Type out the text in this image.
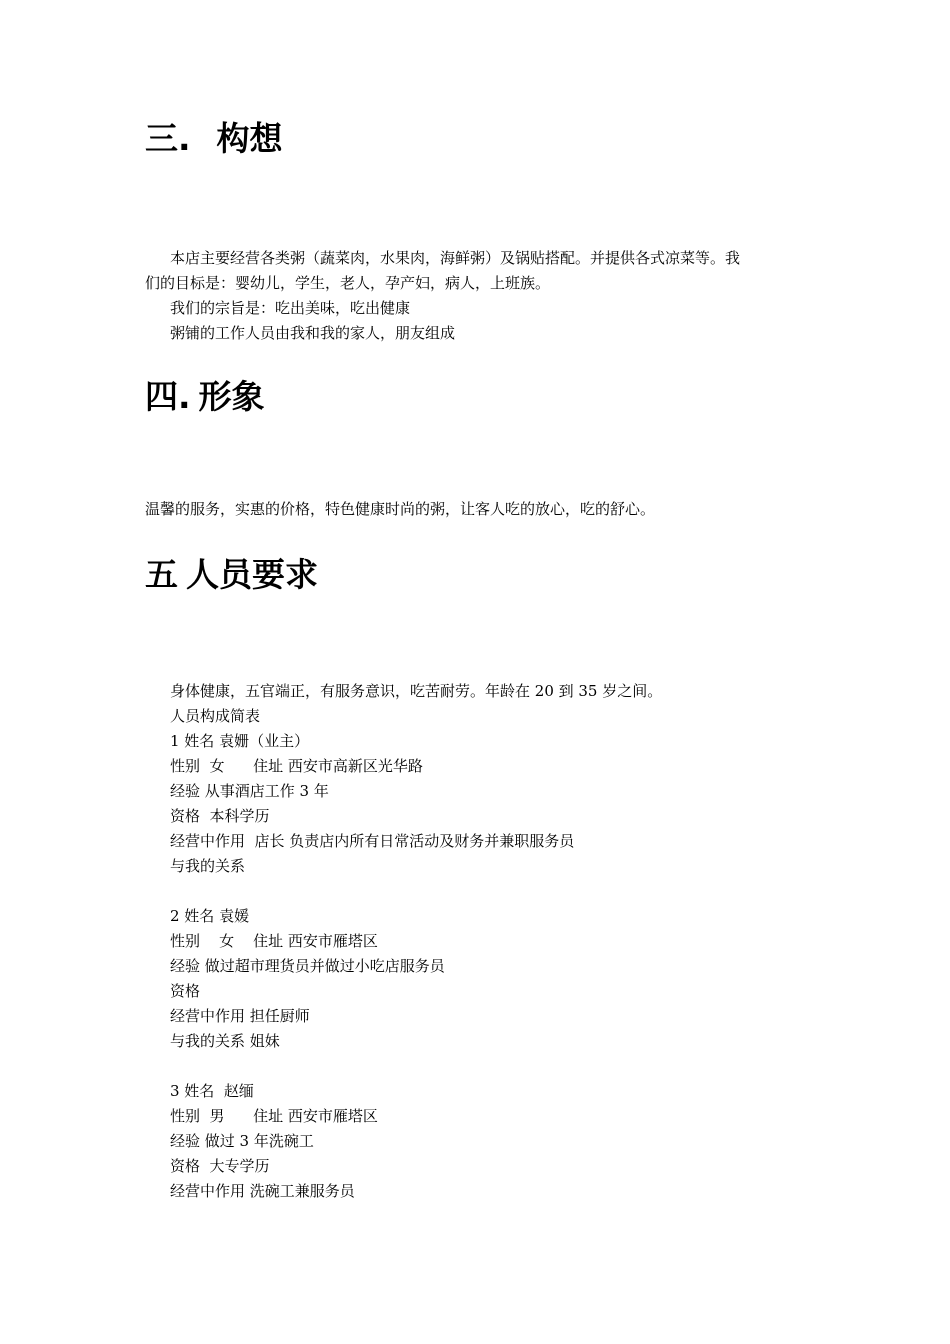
三. 构想
本店主要经营各类粥（蔬菜肉，水果肉，海鲜粥）及锅贴搭配。并提供各式凉菜等。我
们的目标是：婴幼儿，学生，老人，孕产妇，病人，上班族。
我们的宗旨是：吃出美味，吃出健康
粥铺的工作人员由我和我的家人，朋友组成
四. 形象
温馨的服务，实惠的价格，特色健康时尚的粥，让客人吃的放心，吃的舒心。
五 人员要求
身体健康，五官端正，有服务意识，吃苦耐劳。年龄在 20 到 35 岁之间。
人员构成简表
1 姓名 袁姗（业主）
性别  女      住址 西安市高新区光华路
经验 从事酒店工作 3 年
资格  本科学历
经营中作用  店长 负责店内所有日常活动及财务并兼职服务员
与我的关系
2 姓名 袁媛
性别    女    住址 西安市雁塔区
经验 做过超市理货员并做过小吃店服务员
资格
经营中作用 担任厨师
与我的关系 姐妹
3 姓名  赵缅
性别  男      住址 西安市雁塔区
经验 做过 3 年洗碗工
资格  大专学历
经营中作用 洗碗工兼服务员
